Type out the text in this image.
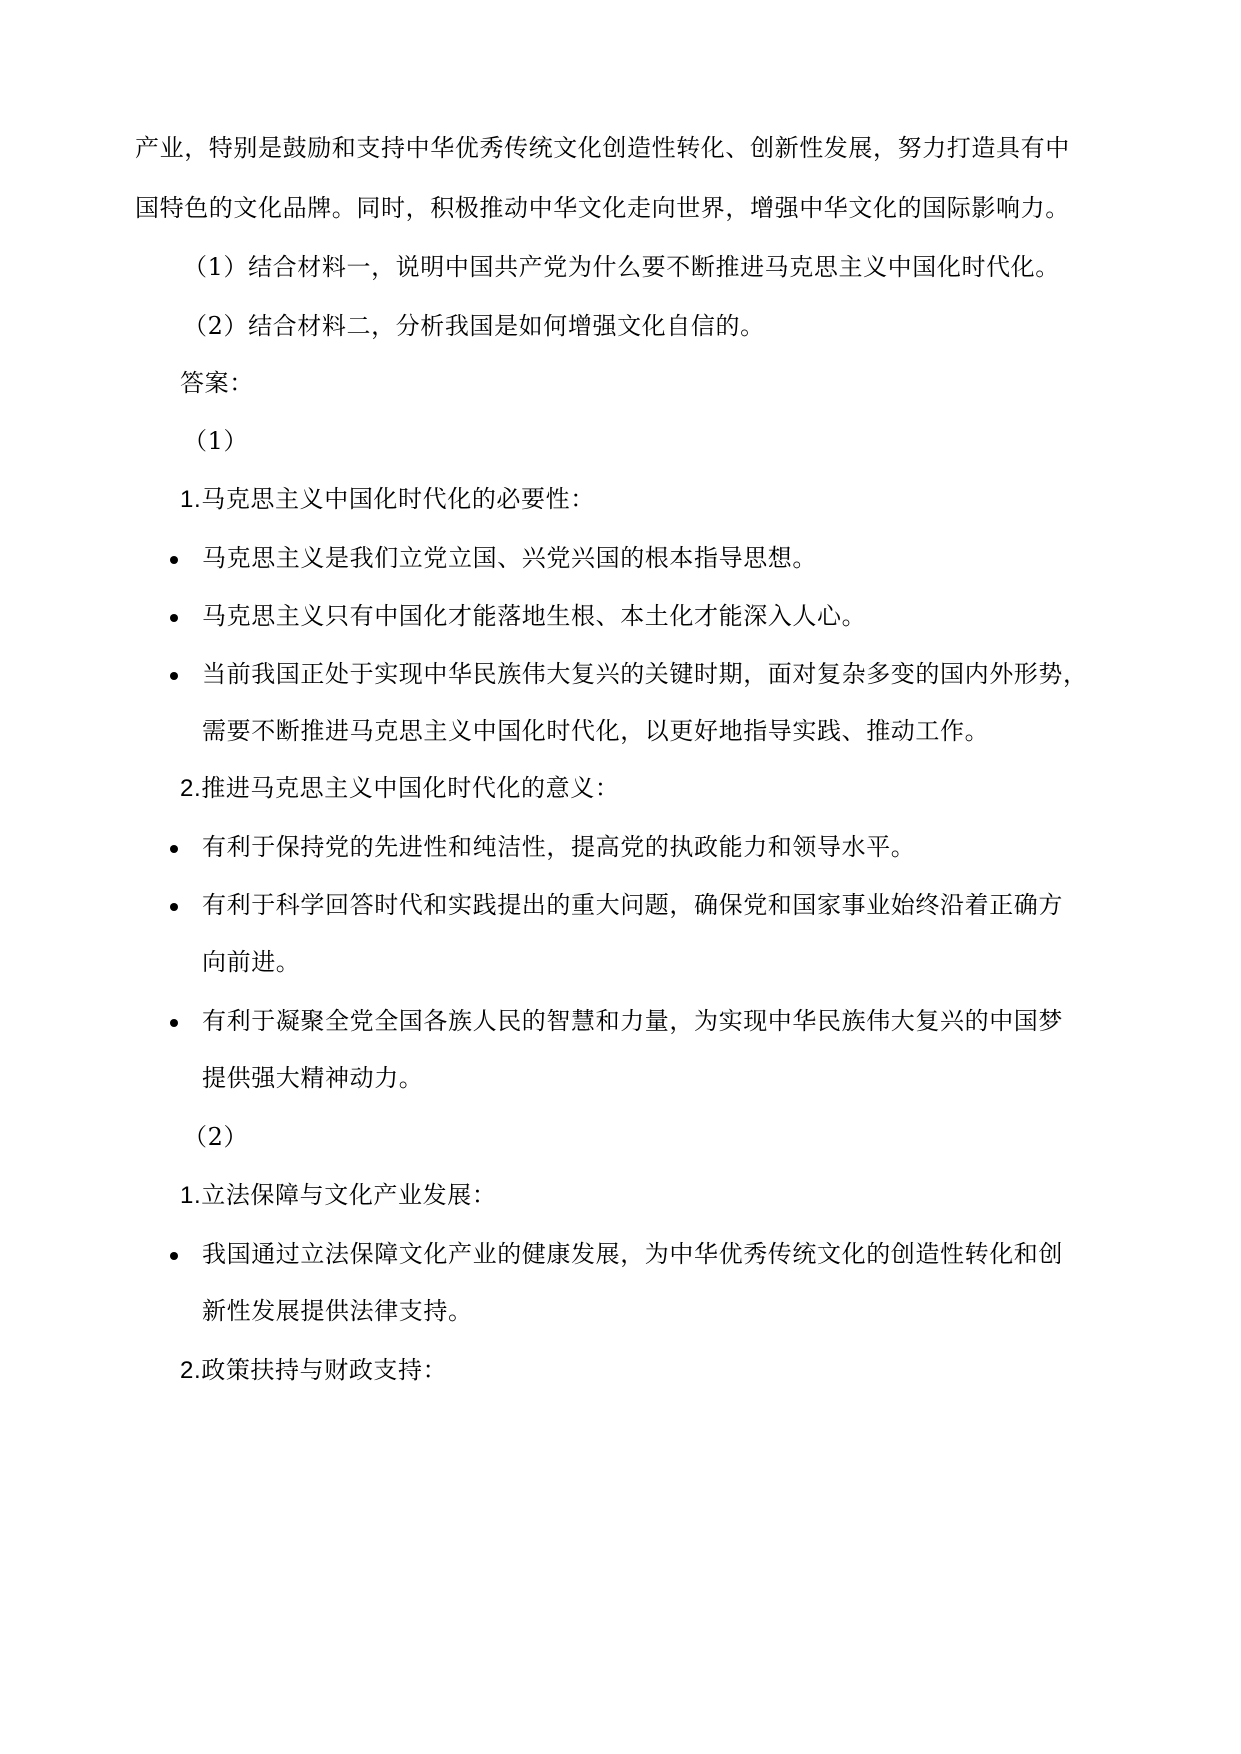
产业，特别是鼓励和支持中华优秀传统文化创造性转化、创新性发展，努力打造具有中
国特色的文化品牌。同时，积极推动中华文化走向世界，增强中华文化的国际影响力。
（1）结合材料一，说明中国共产党为什么要不断推进马克思主义中国化时代化。
（2）结合材料二，分析我国是如何增强文化自信的。
答案：
（1）
1.马克思主义中国化时代化的必要性：
马克思主义是我们立党立国、兴党兴国的根本指导思想。
马克思主义只有中国化才能落地生根、本土化才能深入人心。
当前我国正处于实现中华民族伟大复兴的关键时期，面对复杂多变的国内外形势，
需要不断推进马克思主义中国化时代化，以更好地指导实践、推动工作。
2.推进马克思主义中国化时代化的意义：
有利于保持党的先进性和纯洁性，提高党的执政能力和领导水平。
有利于科学回答时代和实践提出的重大问题，确保党和国家事业始终沿着正确方
向前进。
有利于凝聚全党全国各族人民的智慧和力量，为实现中华民族伟大复兴的中国梦
提供强大精神动力。
（2）
1.立法保障与文化产业发展：
我国通过立法保障文化产业的健康发展，为中华优秀传统文化的创造性转化和创
新性发展提供法律支持。
2.政策扶持与财政支持：
